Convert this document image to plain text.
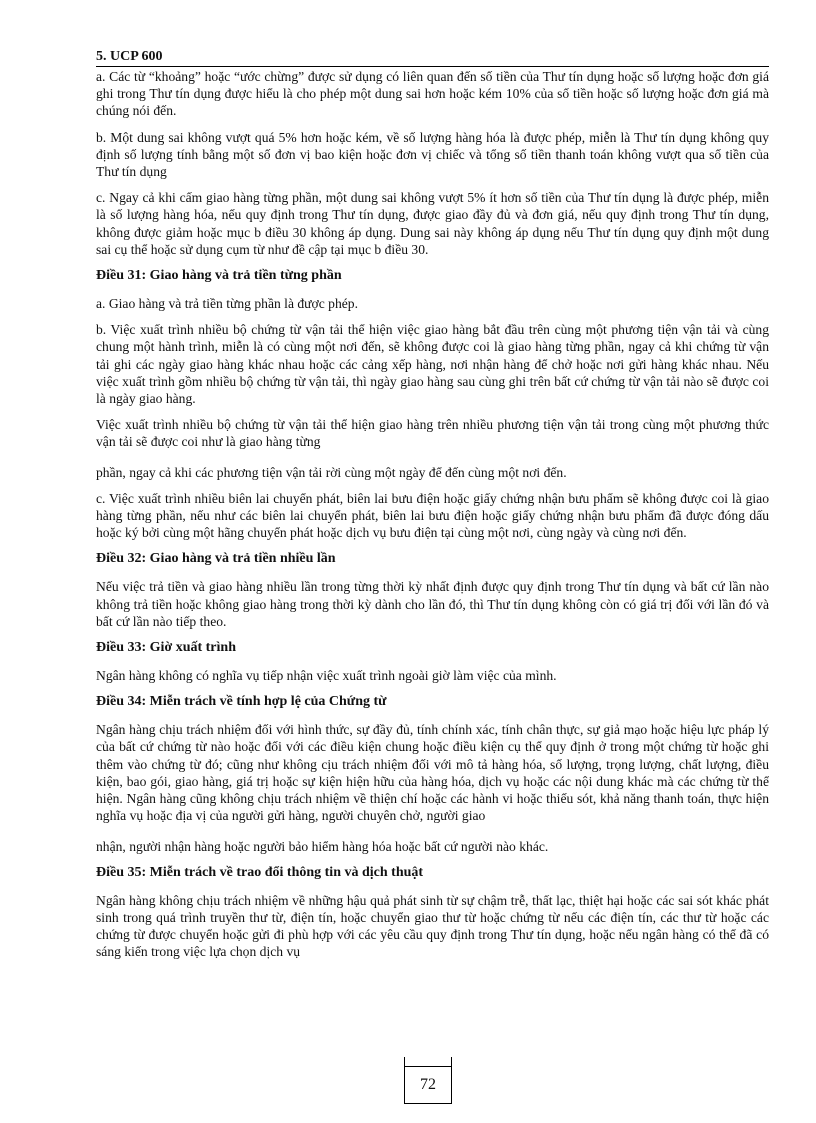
5. UCP 600

a. Các từ “khoảng” hoặc “ước chừng” được sử dụng có liên quan đến số tiền của Thư tín dụng hoặc số lượng hoặc đơn giá ghi trong Thư tín dụng được hiểu là cho phép một dung sai hơn hoặc kém 10% của số tiền hoặc số lượng hoặc đơn giá mà chúng nói đến.

b. Một dung sai không vượt quá 5% hơn hoặc kém, về số lượng hàng hóa là được phép, miễn là Thư tín dụng không quy định số lượng tính bằng một số đơn vị bao kiện hoặc đơn vị chiếc và tổng số tiền thanh toán không vượt qua số tiền của Thư tín dụng

c. Ngay cả khi cấm giao hàng từng phần, một dung sai không vượt 5% ít hơn số tiền của Thư tín dụng là được phép, miễn là số lượng hàng hóa, nếu quy định trong Thư tín dụng, được giao đầy đủ và đơn giá, nếu quy định trong Thư tín dụng, không được giảm hoặc mục b điều 30 không áp dụng. Dung sai này không áp dụng nếu Thư tín dụng quy định một dung sai cụ thể hoặc sử dụng cụm từ như đề cập tại mục b điều 30.

Điều 31: Giao hàng và trả tiền từng phần

a. Giao hàng và trả tiền từng phần là được phép.

b. Việc xuất trình nhiều bộ chứng từ vận tải thể hiện việc giao hàng bắt đầu trên cùng một phương tiện vận tải và cùng chung một hành trình, miễn là có cùng một nơi đến, sẽ không được coi là giao hàng từng phần, ngay cả khi chứng từ vận tải ghi các ngày giao hàng khác nhau hoặc các cảng xếp hàng, nơi nhận hàng để chở hoặc nơi gửi hàng khác nhau. Nếu việc xuất trình gồm nhiều bộ chứng từ vận tải, thì ngày giao hàng sau cùng ghi trên bất cứ chứng từ vận tải nào sẽ được coi là ngày giao hàng.

Việc xuất trình nhiều bộ chứng từ vận tải thể hiện giao hàng trên nhiều phương tiện vận tải trong cùng một phương thức vận tải sẽ được coi như là giao hàng từng

phần, ngay cả khi các phương tiện vận tải rời cùng một ngày để đến cùng một nơi đến.

c. Việc xuất trình nhiều biên lai chuyển phát, biên lai bưu điện hoặc giấy chứng nhận bưu phẩm sẽ không được coi là giao hàng từng phần, nếu như các biên lai chuyển phát, biên lai bưu điện hoặc giấy chứng nhận bưu phẩm đã được đóng dấu hoặc ký bởi cùng một hãng chuyển phát hoặc dịch vụ bưu điện tại cùng một nơi, cùng ngày và cùng nơi đến.

Điều 32: Giao hàng và trả tiền nhiều lần

Nếu việc trả tiền và giao hàng nhiều lần trong từng thời kỳ nhất định được quy định trong Thư tín dụng và bất cứ lần nào không trả tiền hoặc không giao hàng trong thời kỳ dành cho lần đó, thì Thư tín dụng không còn có giá trị đối với lần đó và bất cứ lần nào tiếp theo.

Điều 33: Giờ xuất trình

Ngân hàng không có nghĩa vụ tiếp nhận việc xuất trình ngoài giờ làm việc của mình.

Điều 34: Miễn trách về tính hợp lệ của Chứng từ

Ngân hàng chịu trách nhiệm đối với hình thức, sự đầy đủ, tính chính xác, tính chân thực, sự giả mạo hoặc hiệu lực pháp lý của bất cứ chứng từ nào hoặc đối với các điều kiện chung hoặc điều kiện cụ thể quy định ở trong một chứng từ hoặc ghi thêm vào chứng từ đó; cũng như không cịu trách nhiệm đối với mô tả hàng hóa, số lượng, trọng lượng, chất lượng, điều kiện, bao gói, giao hàng, giá trị hoặc sự kiện hiện hữu của hàng hóa, dịch vụ hoặc các nội dung khác mà các chứng từ thể hiện. Ngân hàng cũng không chịu trách nhiệm về thiện chí hoặc các hành vi hoặc thiếu sót, khả năng thanh toán, thực hiện nghĩa vụ hoặc địa vị của người gửi hàng, người chuyên chở, người giao

nhận, người nhận hàng hoặc người bảo hiểm hàng hóa hoặc bất cứ người nào khác.

Điều 35: Miễn trách về trao đổi thông tin và dịch thuật

Ngân hàng không chịu trách nhiệm về những hậu quả phát sinh từ sự chậm trễ, thất lạc, thiệt hại hoặc các sai sót khác phát sinh trong quá trình truyền thư từ, điện tín, hoặc chuyển giao thư từ hoặc chứng từ nếu các điện tín, các thư từ hoặc các chứng từ được chuyển hoặc gửi đi phù hợp với các yêu cầu quy định trong Thư tín dụng, hoặc nếu ngân hàng có thể đã có sáng kiến trong việc lựa chọn dịch vụ

72
